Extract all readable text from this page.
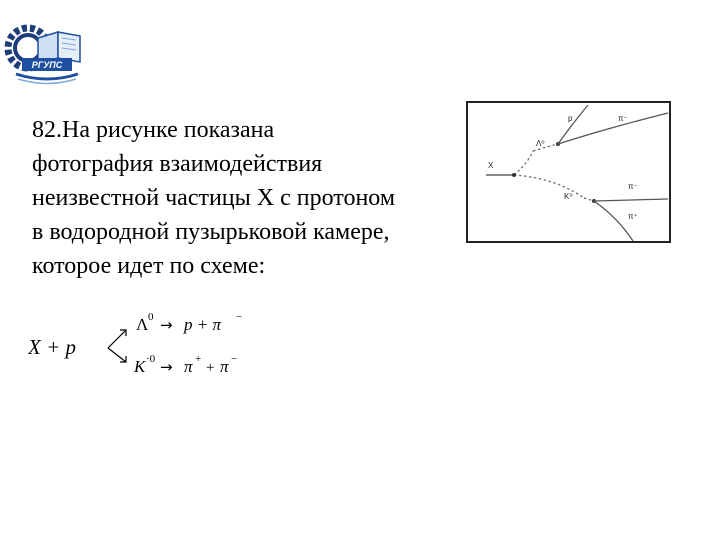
РГУПС
82.На рисунке показана
фотография взаимодействия
неизвестной частицы X с протоном
в водородной пузырьковой камере,
которое идет по схеме:
X + p
Λ 0 → p + π −
K ·0 → π +
+ π −
X
p	π⁻
Λ⁰
K⁰
π⁻
π⁺
